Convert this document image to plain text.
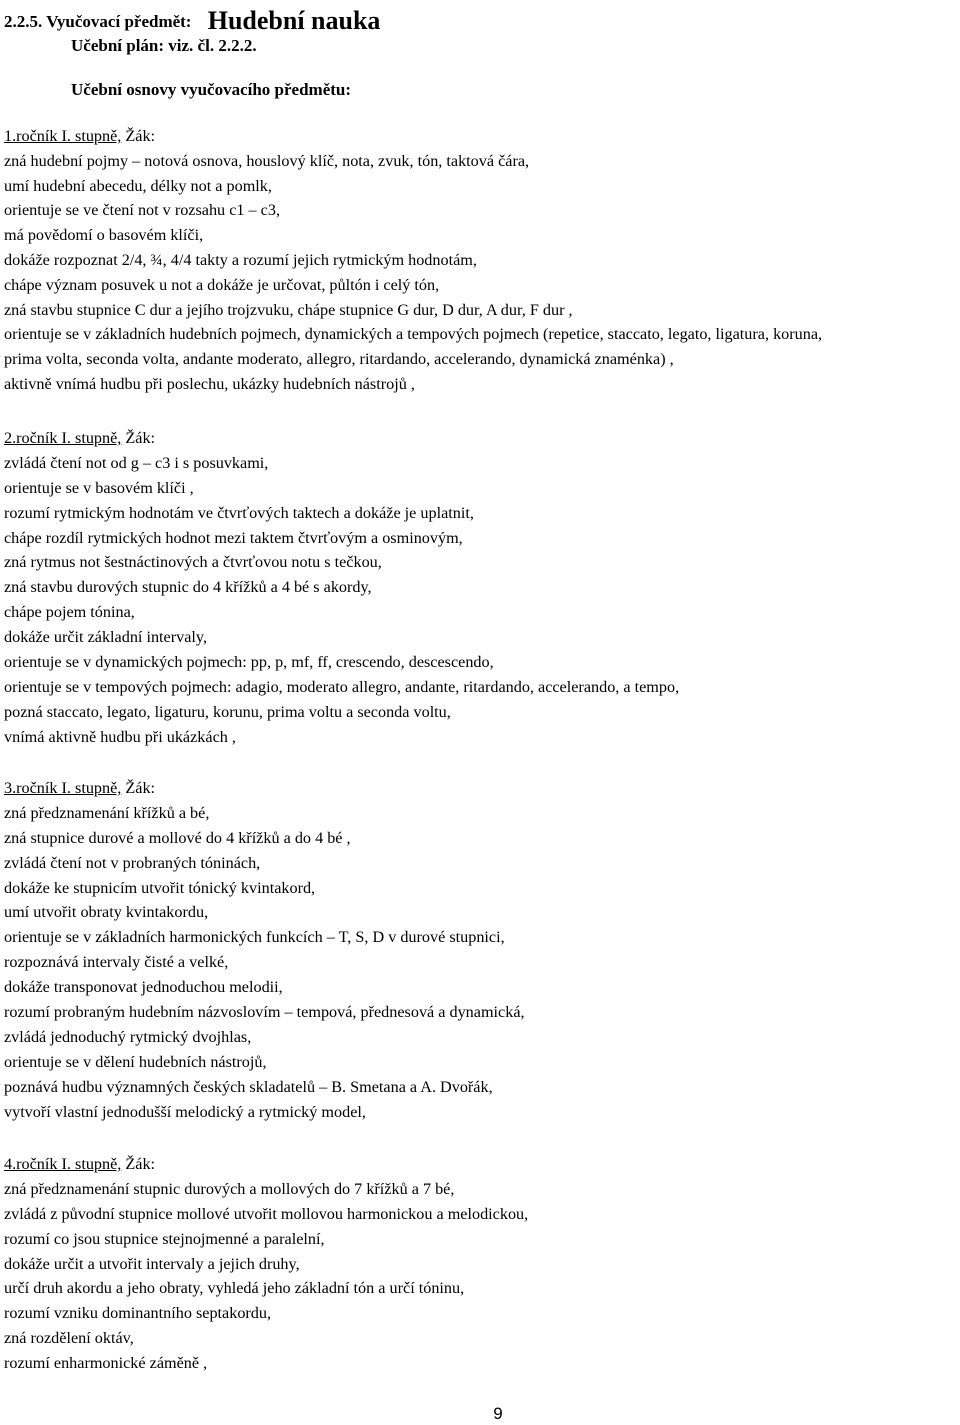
2.2.5. Vyučovací předmět: Hudební nauka
Učební plán: viz. čl. 2.2.2.
Učební osnovy vyučovacího předmětu:
1.ročník I. stupně, Žák:
zná hudební pojmy – notová osnova, houslový klíč, nota, zvuk, tón, taktová čára,
umí hudební abecedu, délky not a pomlk,
orientuje se ve čtení not v rozsahu c1 – c3,
má povědomí o basovém klíči,
dokáže rozpoznat 2/4, ¾, 4/4 takty a rozumí jejich rytmickým hodnotám,
chápe význam posuvek u not a dokáže je určovat, půltón i celý tón,
zná stavbu stupnice C dur a jejího trojzvuku, chápe stupnice G dur, D dur, A dur, F dur ,
orientuje se v základních hudebních pojmech, dynamických a tempových pojmech (repetice, staccato, legato, ligatura, koruna,
prima volta, seconda volta, andante moderato, allegro, ritardando, accelerando, dynamická znaménka) ,
aktivně vnímá hudbu při poslechu, ukázky hudebních nástrojů ,
2.ročník I. stupně, Žák:
zvládá čtení not od g – c3 i s posuvkami,
orientuje se v basovém klíči ,
rozumí rytmickým hodnotám ve čtvrťových taktech a dokáže je uplatnit,
chápe rozdíl rytmických hodnot mezi taktem čtvrťovým a osminovým,
zná rytmus not šestnáctinových a čtvrťovou notu s tečkou,
zná stavbu durových stupnic do 4 křížků a 4 bé s akordy,
chápe pojem tónina,
dokáže určit základní intervaly,
orientuje se v dynamických pojmech: pp, p, mf, ff, crescendo, descescendo,
orientuje se v tempových pojmech: adagio, moderato allegro, andante, ritardando, accelerando, a tempo,
pozná staccato, legato, ligaturu, korunu, prima voltu a seconda voltu,
vnímá aktivně hudbu při ukázkách ,
3.ročník I. stupně, Žák:
zná předznamenání křížků a bé,
zná stupnice durové a mollové do 4 křížků a do 4 bé ,
zvládá čtení not v probraných tóninách,
dokáže ke stupnicím utvořit tónický kvintakord,
umí utvořit obraty kvintakordu,
orientuje se v základních harmonických funkcích – T, S, D v durové stupnici,
rozpoznává intervaly čisté a velké,
dokáže transponovat jednoduchou melodii,
rozumí probraným hudebním názvoslovím – tempová, přednesová a dynamická,
zvládá jednoduchý rytmický dvojhlas,
orientuje se v dělení hudebních nástrojů,
poznává hudbu významných českých skladatelů – B. Smetana a A. Dvořák,
vytvoří vlastní jednodušší melodický a rytmický model,
4.ročník I. stupně, Žák:
zná předznamenání stupnic durových a mollových do 7 křížků a 7 bé,
zvládá z původní stupnice mollové utvořit mollovou harmonickou a melodickou,
rozumí co jsou stupnice stejnojmenné a paralelní,
dokáže určit a utvořit intervaly a jejich druhy,
určí druh akordu a jeho obraty, vyhledá jeho základní tón a určí tóninu,
rozumí vzniku dominantního septakordu,
zná rozdělení oktáv,
rozumí enharmonické záměně ,
9
